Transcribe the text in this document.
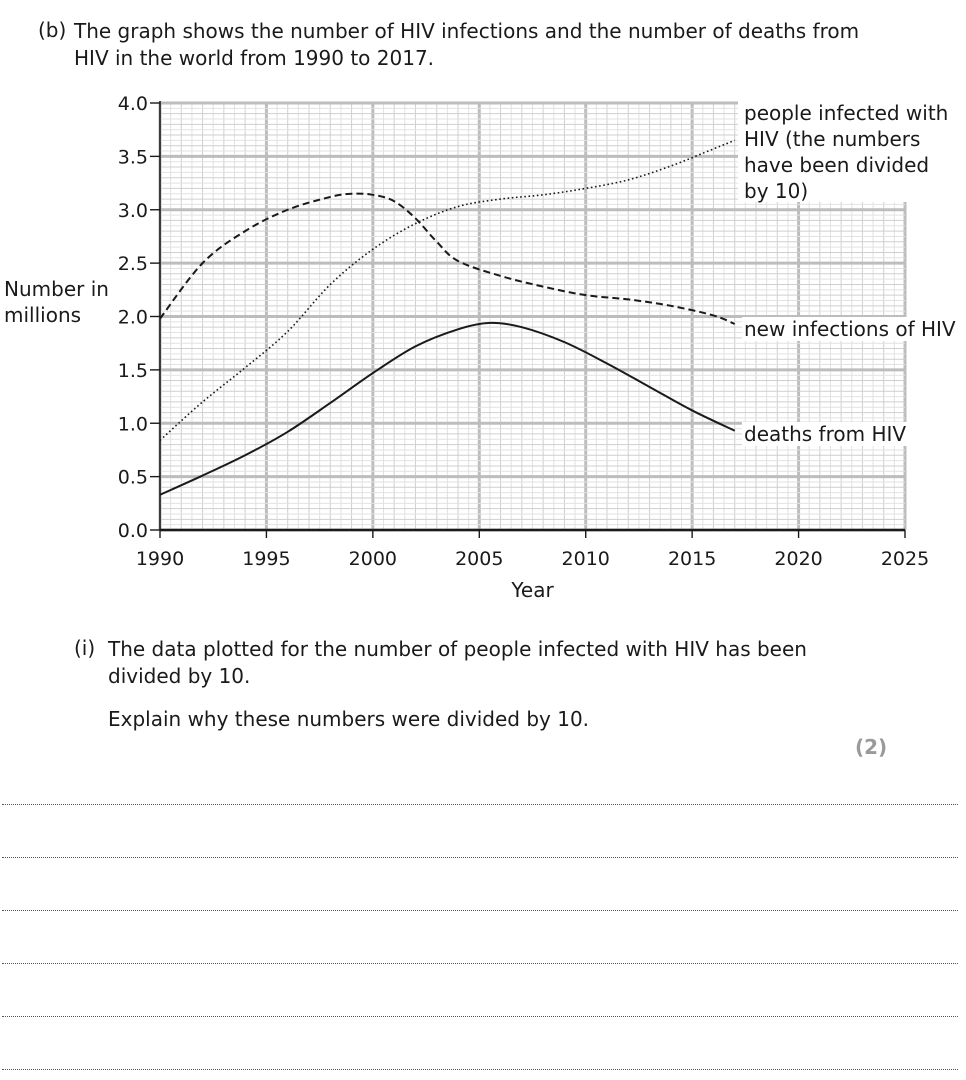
(b) The graph shows the number of HIV infections and the number of deaths from HIV in the world from 1990 to 2017.
0.0
0.5
1.0
1.5
2.0
2.5
3.0
3.5
4.0
1990	1995	2000	2005	2010	2015	2020	2025
Year
Number in
millions
people infected with
HIV (the numbers
have been divided
by 10)
new infections of HIV
deaths from HIV
(i) The data plotted for the number of people infected with HIV has been divided by 10.
Explain why these numbers were divided by 10.
(2)
